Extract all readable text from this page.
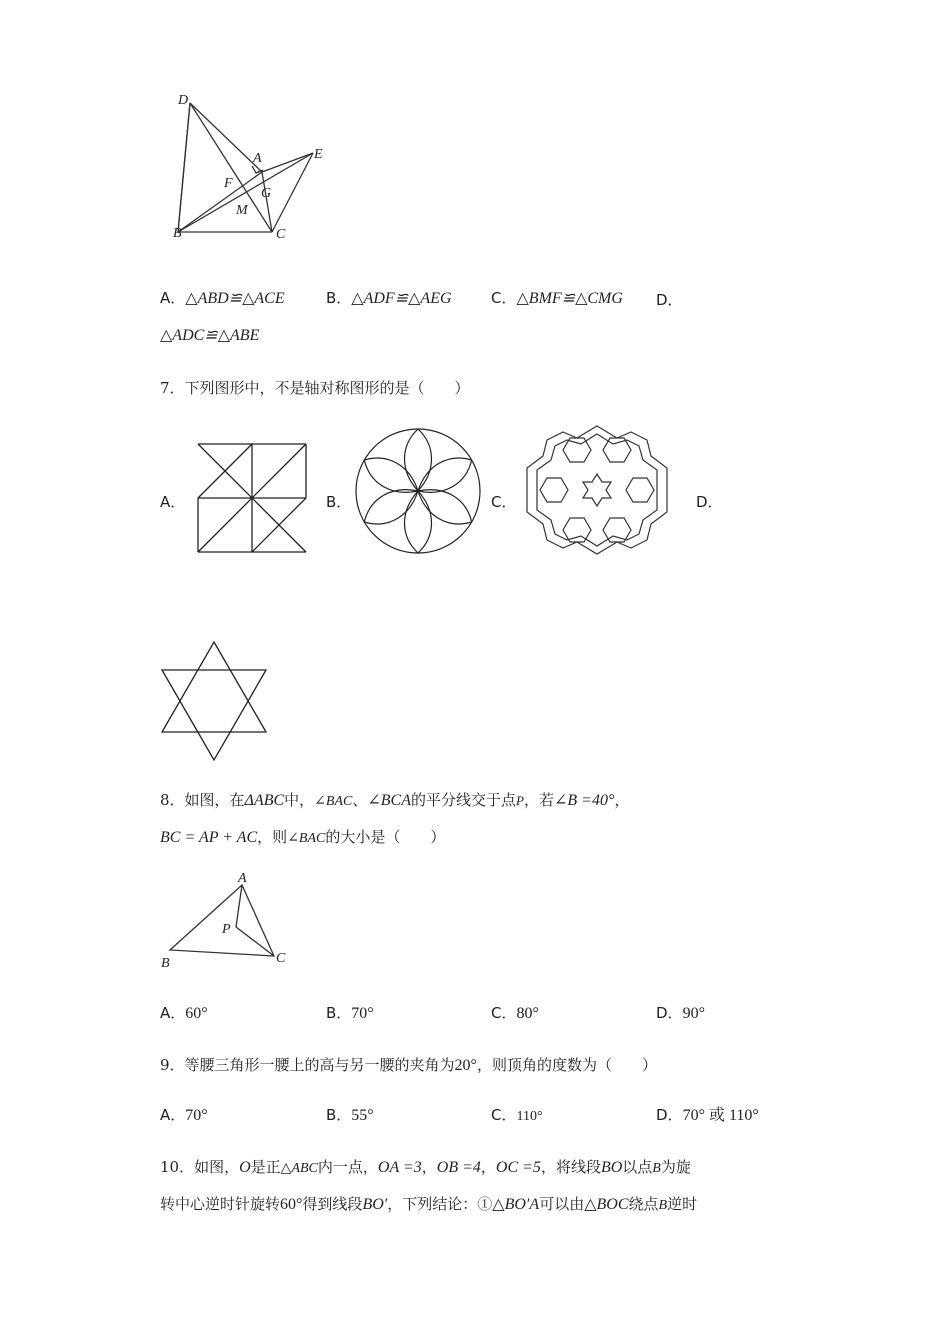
D
A	E
F
G
M
B	C
A．△ABD≌△ACE	B．△ADF≌△AEG	C．△BMF≌△CMG D．
△ADC≌△ABE
7．下列图形中，不是轴对称图形的是（　　）
A．	B．	C．	D．
8．如图，在ΔABC中，∠BAC、∠BCA的平分线交于点P，若∠B =40°，
BC = AP + AC，则∠BAC的大小是（　　）
A
P
B	C
A．60°	B．70°	C．80°	D．90°
9．等腰三角形一腰上的高与另一腰的夹角为20°，则顶角的度数为（　　）
A．70°	B．55°	C．110°	D．70° 或 110°
10．如图，O是正△ABC内一点，OA =3，OB =4，OC =5，将线段BO以点B为旋
转中心逆时针旋转60°得到线段BO′，下列结论：①△BO′A可以由△BOC绕点B逆时
